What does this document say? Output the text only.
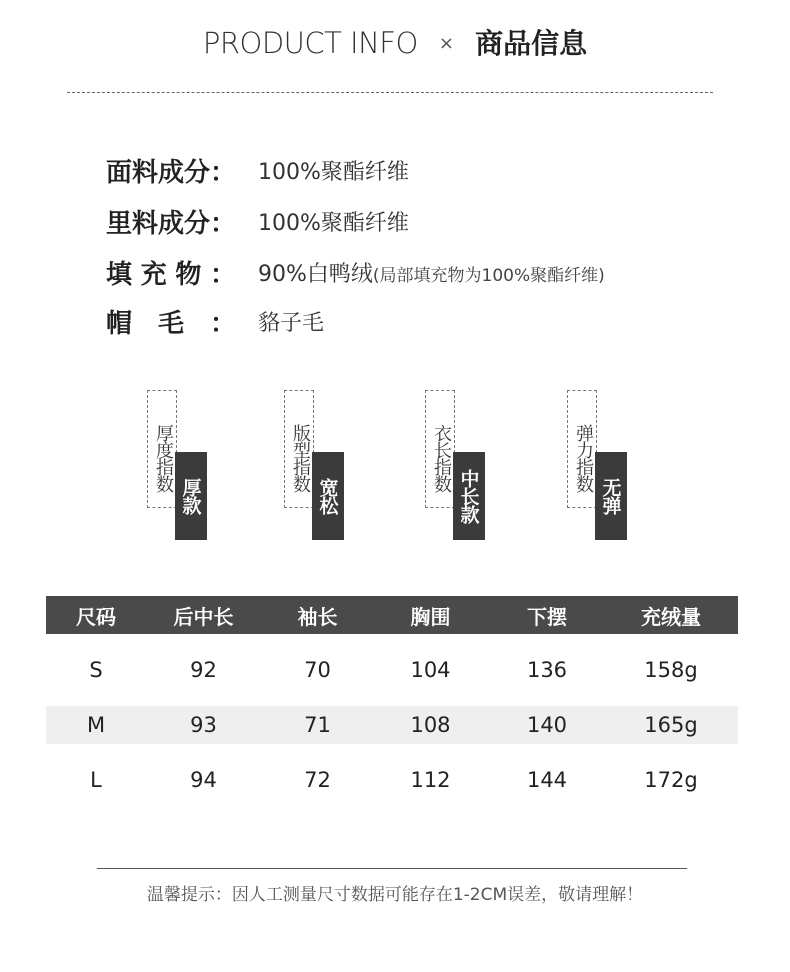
PRODUCT INFO × 商品信息
面料成分： 100%聚酯纤维
里料成分： 100%聚酯纤维
填 充 物 ： 90%白鸭绒(局部填充物为100%聚酯纤维)
帽 毛 ： 貉子毛
厚度指数
厚款
版型指数
宽松
衣长指数
中长款
弹力指数
无弹
尺码	后中长	袖长	胸围	下摆	充绒量
S	92	70	104	136	158g
M	93	71	108	140	165g
L	94	72	112	144	172g
温馨提示：因人工测量尺寸数据可能存在1-2CM误差，敬请理解！
